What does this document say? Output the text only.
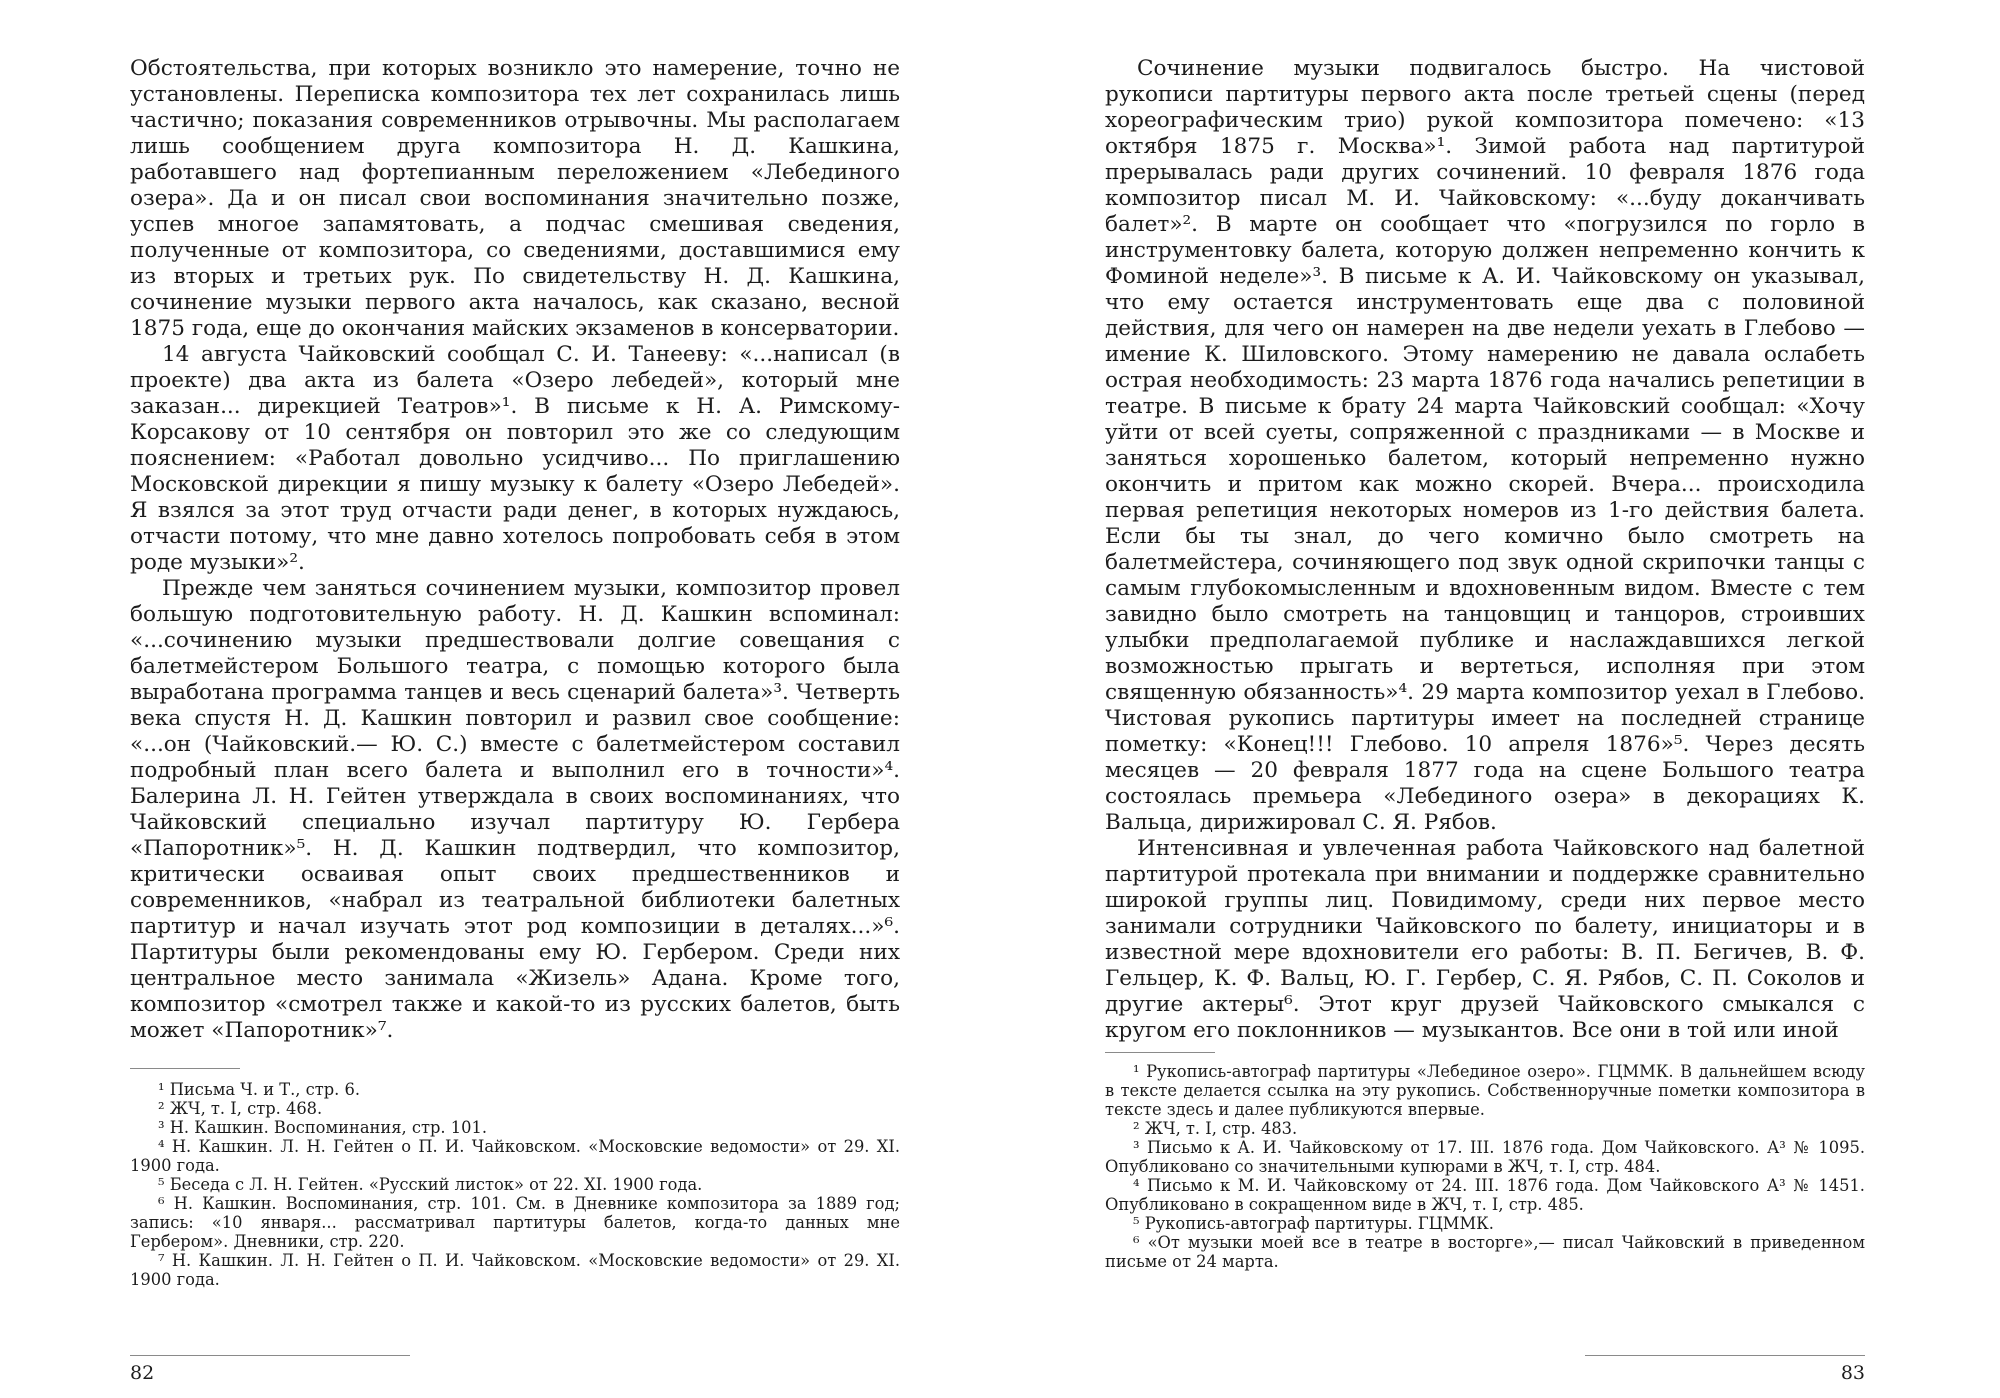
Обстоятельства, при которых возникло это намерение, точно не установлены. Переписка композитора тех лет сохранилась лишь частично; показания современников отрывочны. Мы располагаем лишь сообщением друга композитора Н. Д. Кашкина, работавшего над фортепианным переложением «Лебединого озера». Да и он писал свои воспоминания значительно позже, успев многое запамятовать, а подчас смешивая сведения, полученные от композитора, со сведениями, доставшимися ему из вторых и третьих рук. По свидетельству Н. Д. Кашкина, сочинение музыки первого акта началось, как сказано, весной 1875 года, еще до окончания майских экзаменов в консерватории.

14 августа Чайковский сообщал С. И. Танееву: «...написал (в проекте) два акта из балета «Озеро лебедей», который мне заказан... дирекцией Театров»¹. В письме к Н. А. Римскому-Корсакову от 10 сентября он повторил это же со следующим пояснением: «Работал довольно усидчиво... По приглашению Московской дирекции я пишу музыку к балету «Озеро Лебедей». Я взялся за этот труд отчасти ради денег, в которых нуждаюсь, отчасти потому, что мне давно хотелось попробовать себя в этом роде музыки»².

Прежде чем заняться сочинением музыки, композитор провел большую подготовительную работу. Н. Д. Кашкин вспоминал: «...сочинению музыки предшествовали долгие совещания с балетмейстером Большого театра, с помощью которого была выработана программа танцев и весь сценарий балета»³. Четверть века спустя Н. Д. Кашкин повторил и развил свое сообщение: «...он (Чайковский.— Ю. С.) вместе с балетмейстером составил подробный план всего балета и выполнил его в точности»⁴. Балерина Л. Н. Гейтен утверждала в своих воспоминаниях, что Чайковский специально изучал партитуру Ю. Гербера «Папоротник»⁵. Н. Д. Кашкин подтвердил, что композитор, критически осваивая опыт своих предшественников и современников, «набрал из театральной библиотеки балетных партитур и начал изучать этот род композиции в деталях...»⁶. Партитуры были рекомендованы ему Ю. Гербером. Среди них центральное место занимала «Жизель» Адана. Кроме того, композитор «смотрел также и какой-то из русских балетов, быть может «Папоротник»⁷.

¹ Письма Ч. и Т., стр. 6.

² ЖЧ, т. I, стр. 468.

³ Н. Кашкин. Воспоминания, стр. 101.

⁴ Н. Кашкин. Л. Н. Гейтен о П. И. Чайковском. «Московские ведомости» от 29. XI. 1900 года.

⁵ Беседа с Л. Н. Гейтен. «Русский листок» от 22. XI. 1900 года.

⁶ Н. Кашкин. Воспоминания, стр. 101. См. в Дневнике композитора за 1889 год; запись: «10 января... рассматривал партитуры балетов, когда-то данных мне Гербером». Дневники, стр. 220.

⁷ Н. Кашкин. Л. Н. Гейтен о П. И. Чайковском. «Московские ведомости» от 29. XI. 1900 года.

82

Сочинение музыки подвигалось быстро. На чистовой рукописи партитуры первого акта после третьей сцены (перед хореографическим трио) рукой композитора помечено: «13 октября 1875 г. Москва»¹. Зимой работа над партитурой прерывалась ради других сочинений. 10 февраля 1876 года композитор писал М. И. Чайковскому: «...буду доканчивать балет»². В марте он сообщает что «погрузился по горло в инструментовку балета, которую должен непременно кончить к Фоминой неделе»³. В письме к А. И. Чайковскому он указывал, что ему остается инструментовать еще два с половиной действия, для чего он намерен на две недели уехать в Глебово — имение К. Шиловского. Этому намерению не давала ослабеть острая необходимость: 23 марта 1876 года начались репетиции в театре. В письме к брату 24 марта Чайковский сообщал: «Хочу уйти от всей суеты, сопряженной с праздниками — в Москве и заняться хорошенько балетом, который непременно нужно окончить и притом как можно скорей. Вчера... происходила первая репетиция некоторых номеров из 1-го действия балета. Если бы ты знал, до чего комично было смотреть на балетмейстера, сочиняющего под звук одной скрипочки танцы с самым глубокомысленным и вдохновенным видом. Вместе с тем завидно было смотреть на танцовщиц и танцоров, строивших улыбки предполагаемой публике и наслаждавшихся легкой возможностью прыгать и вертеться, исполняя при этом священную обязанность»⁴. 29 марта композитор уехал в Глебово. Чистовая рукопись партитуры имеет на последней странице пометку: «Конец!!! Глебово. 10 апреля 1876»⁵. Через десять месяцев — 20 февраля 1877 года на сцене Большого театра состоялась премьера «Лебединого озера» в декорациях К. Вальца, дирижировал С. Я. Рябов.

Интенсивная и увлеченная работа Чайковского над балетной партитурой протекала при внимании и поддержке сравнительно широкой группы лиц. Повидимому, среди них первое место занимали сотрудники Чайковского по балету, инициаторы и в известной мере вдохновители его работы: В. П. Бегичев, В. Ф. Гельцер, К. Ф. Вальц, Ю. Г. Гербер, С. Я. Рябов, С. П. Соколов и другие актеры⁶. Этот круг друзей Чайковского смыкался с кругом его поклонников — музыкантов. Все они в той или иной

¹ Рукопись-автограф партитуры «Лебединое озеро». ГЦММК. В дальнейшем всюду в тексте делается ссылка на эту рукопись. Собственноручные пометки композитора в тексте здесь и далее публикуются впервые.

² ЖЧ, т. I, стр. 483.

³ Письмо к А. И. Чайковскому от 17. III. 1876 года. Дом Чайковского. А³ № 1095. Опубликовано со значительными купюрами в ЖЧ, т. I, стр. 484.

⁴ Письмо к М. И. Чайковскому от 24. III. 1876 года. Дом Чайковского А³ № 1451. Опубликовано в сокращенном виде в ЖЧ, т. I, стр. 485.

⁵ Рукопись-автограф партитуры. ГЦММК.

⁶ «От музыки моей все в театре в восторге»,— писал Чайковский в приведенном письме от 24 марта.

83
